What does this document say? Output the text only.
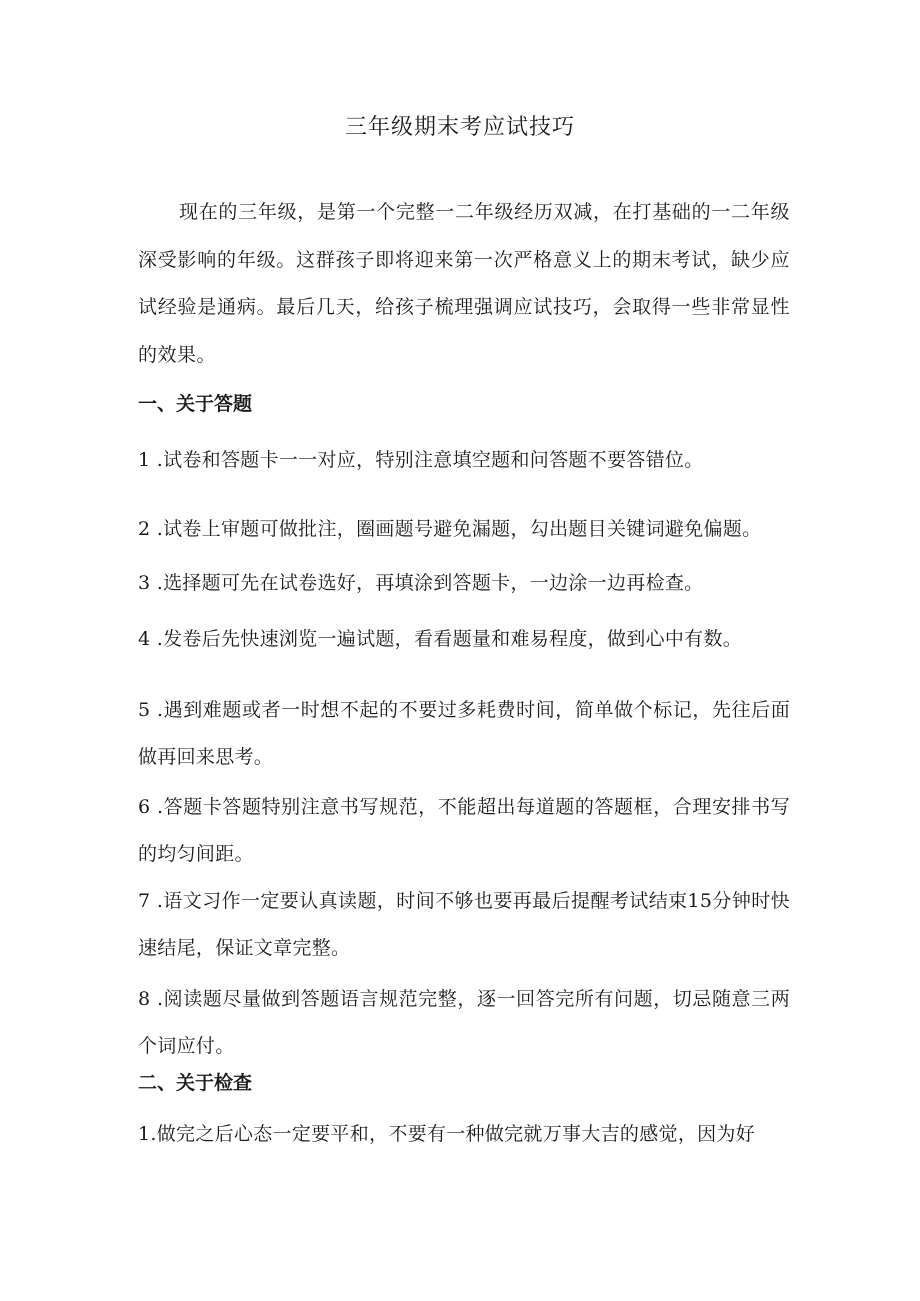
三年级期末考应试技巧

现在的三年级，是第一个完整一二年级经历双减，在打基础的一二年级深受影响的年级。这群孩子即将迎来第一次严格意义上的期末考试，缺少应试经验是通病。最后几天，给孩子梳理强调应试技巧，会取得一些非常显性的效果。

一、关于答题

1 .试卷和答题卡一一对应，特别注意填空题和问答题不要答错位。

2 .试卷上审题可做批注，圈画题号避免漏题，勾出题目关键词避免偏题。

3 .选择题可先在试卷选好，再填涂到答题卡，一边涂一边再检查。

4 .发卷后先快速浏览一遍试题，看看题量和难易程度，做到心中有数。

5 .遇到难题或者一时想不起的不要过多耗费时间，简单做个标记，先往后面做再回来思考。

6 .答题卡答题特别注意书写规范，不能超出每道题的答题框，合理安排书写的均匀间距。

7 .语文习作一定要认真读题，时间不够也要再最后提醒考试结束15分钟时快速结尾，保证文章完整。

8 .阅读题尽量做到答题语言规范完整，逐一回答完所有问题，切忌随意三两个词应付。

二、关于检查

1.做完之后心态一定要平和，不要有一种做完就万事大吉的感觉，因为好
